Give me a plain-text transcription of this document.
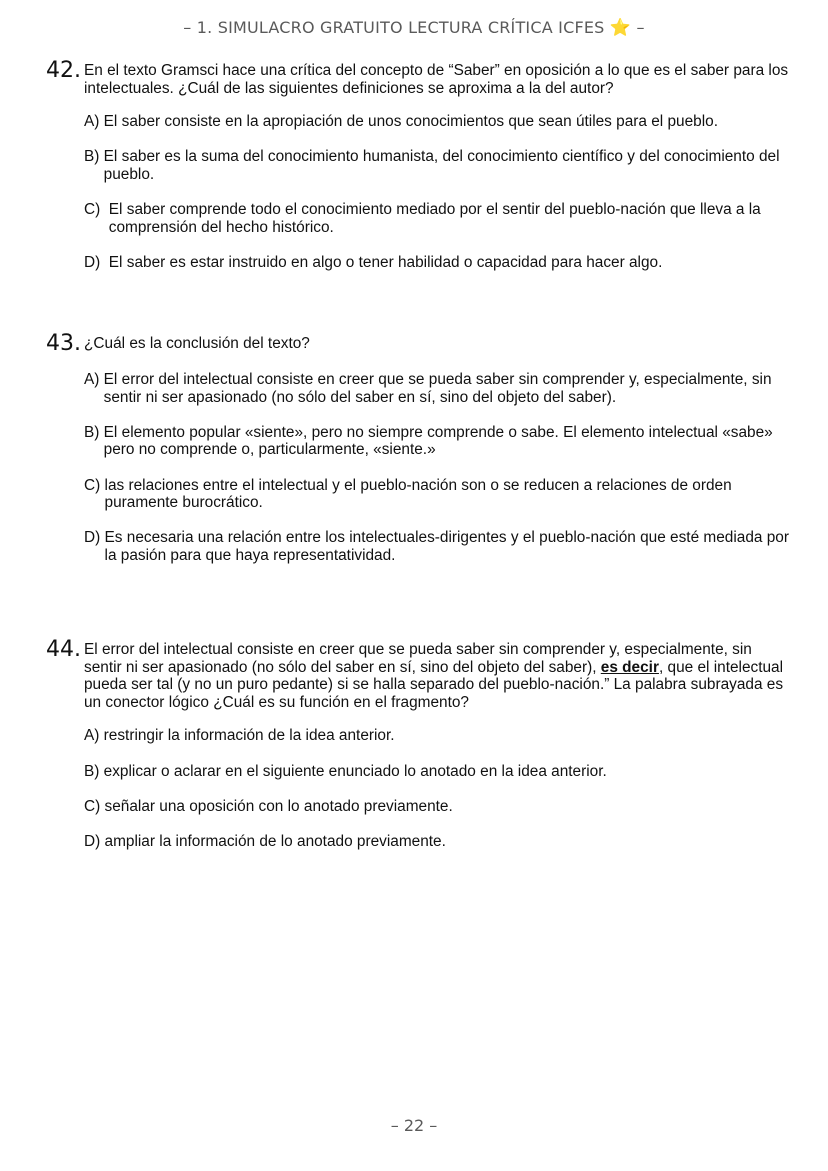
– 1. SIMULACRO GRATUITO LECTURA CRÍTICA ICFES ⭐ –
42. En el texto Gramsci hace una crítica del concepto de “Saber” en oposición a lo que es el saber para los intelectuales. ¿Cuál de las siguientes definiciones se aproxima a la del autor?
A) El saber consiste en la apropiación de unos conocimientos que sean útiles para el pueblo.
B) El saber es la suma del conocimiento humanista, del conocimiento científico y del conocimiento del pueblo.
C) El saber comprende todo el conocimiento mediado por el sentir del pueblo-nación que lleva a la comprensión del hecho histórico.
D) El saber es estar instruido en algo o tener habilidad o capacidad para hacer algo.
43. ¿Cuál es la conclusión del texto?
A) El error del intelectual consiste en creer que se pueda saber sin comprender y, especialmente, sin sentir ni ser apasionado (no sólo del saber en sí, sino del objeto del saber).
B) El elemento popular «siente», pero no siempre comprende o sabe. El elemento intelectual «sabe» pero no comprende o, particularmente, «siente.»
C) las relaciones entre el intelectual y el pueblo-nación son o se reducen a relaciones de orden puramente burocrático.
D) Es necesaria una relación entre los intelectuales-dirigentes y el pueblo-nación que esté mediada por la pasión para que haya representatividad.
44. El error del intelectual consiste en creer que se pueda saber sin comprender y, especialmente, sin sentir ni ser apasionado (no sólo del saber en sí, sino del objeto del saber), es decir, que el intelectual pueda ser tal (y no un puro pedante) si se halla separado del pueblo-nación.” La palabra subrayada es un conector lógico ¿Cuál es su función en el fragmento?
A) restringir la información de la idea anterior.
B) explicar o aclarar en el siguiente enunciado lo anotado en la idea anterior.
C) señalar una oposición con lo anotado previamente.
D) ampliar la información de lo anotado previamente.
– 22 –
